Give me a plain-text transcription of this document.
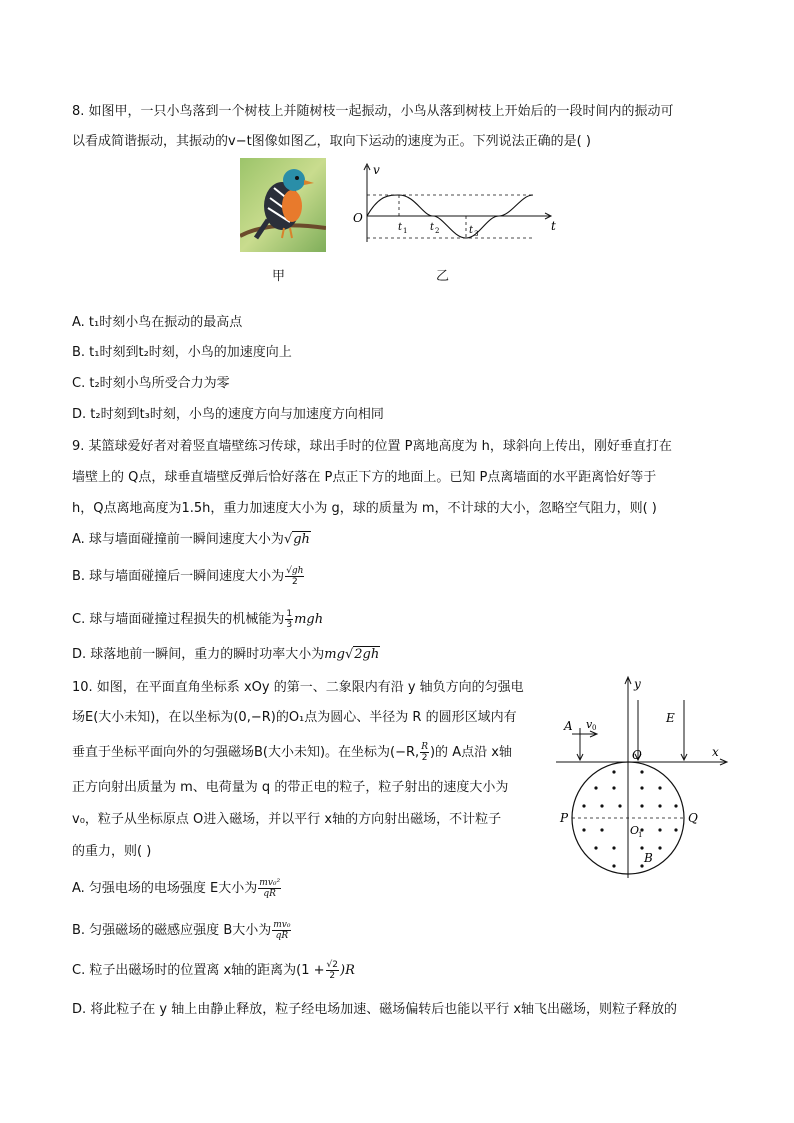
8. 如图甲，一只小鸟落到一个树枝上并随树枝一起振动，小鸟从落到树枝上开始后的一段时间内的振动可
以看成简谐振动，其振动的v−t图像如图乙，取向下运动的速度为正。下列说法正确的是( )
甲
v
t
O
t 1 t 2	t 3
乙
A. t₁时刻小鸟在振动的最高点
B. t₁时刻到t₂时刻，小鸟的加速度向上
C. t₂时刻小鸟所受合力为零
D. t₂时刻到t₃时刻，小鸟的速度方向与加速度方向相同
9. 某篮球爱好者对着竖直墙壁练习传球，球出手时的位置 P离地高度为 h，球斜向上传出，刚好垂直打在
墙壁上的 Q点，球垂直墙壁反弹后恰好落在 P点正下方的地面上。已知 P点离墙面的水平距离恰好等于
h，Q点离地高度为1.5h，重力加速度大小为 g，球的质量为 m，不计球的大小，忽略空气阻力，则( )
A. 球与墙面碰撞前一瞬间速度大小为√gh
B. 球与墙面碰撞后一瞬间速度大小为 $\frac{√gh}{2}$
C. 球与墙面碰撞过程损失的机械能为 $\frac{1}{3}$ mgh
D. 球落地前一瞬间，重力的瞬时功率大小为mg√2gh
10. 如图，在平面直角坐标系 xOy 的第一、二象限内有沿 y 轴负方向的匀强电
场E(大小未知)，在以坐标为(0,−R)的O₁点为圆心、半径为 R 的圆形区域内有
垂直于坐标平面向外的匀强磁场B(大小未知)。在坐标为(−R, $\frac{R}{2}$ )的 A点沿 x轴
正方向射出质量为 m、电荷量为 q 的带正电的粒子，粒子射出的速度大小为
v₀，粒子从坐标原点 O进入磁场，并以平行 x轴的方向射出磁场，不计粒子
的重力，则( )
A. 匀强电场的电场强度 E大小为 $\frac{\text{mv₀²}}{qR}$
B. 匀强磁场的磁感应强度 B大小为 $\frac{\text{mv₀}}{qR}$
C. 粒子出磁场时的位置离 x轴的距离为$(1 + \frac{√2}{2} )R$
D. 将此粒子在 y 轴上由静止释放，粒子经电场加速、磁场偏转后也能以平行 x轴飞出磁场，则粒子释放的
y
x
O
A v 0
E
P	Q
O
1
B
